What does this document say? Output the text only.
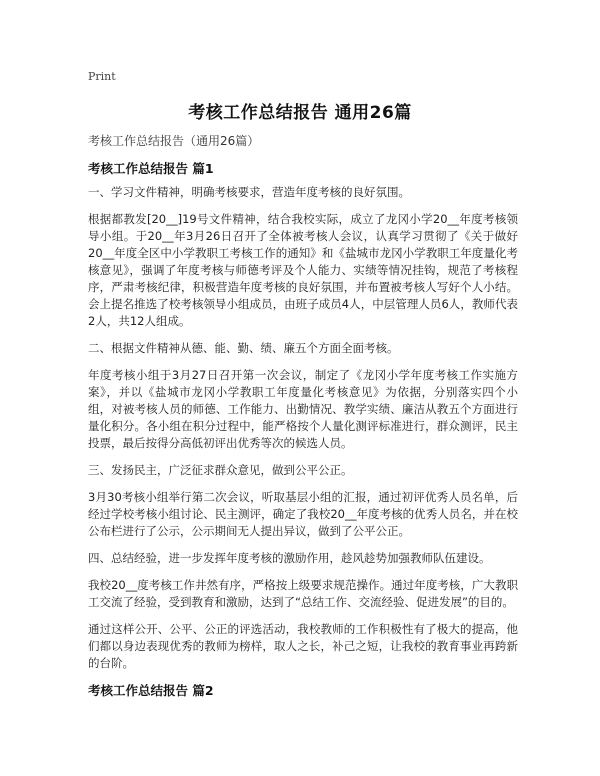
Print
考核工作总结报告 通用26篇
考核工作总结报告（通用26篇）
考核工作总结报告 篇1

一、学习文件精神，明确考核要求，营造年度考核的良好氛围。

根据都教发[20__]19号文件精神，结合我校实际，成立了龙冈小学20__年度考核领导小组。于20__年3月26日召开了全体被考核人会议，认真学习贯彻了《关于做好20__年度全区中小学教职工考核工作的通知》和《盐城市龙冈小学教职工年度量化考核意见》，强调了年度考核与师德考评及个人能力、实绩等情况挂钩，规范了考核程序，严肃考核纪律，积极营造年度考核的良好氛围，并布置被考核人写好个人小结。会上提名推选了校考核领导小组成员，由班子成员4人，中层管理人员6人，教师代表2人，共12人组成。

二、根据文件精神从德、能、勤、绩、廉五个方面全面考核。

年度考核小组于3月27日召开第一次会议，制定了《龙冈小学年度考核工作实施方案》，并以《盐城市龙冈小学教职工年度量化考核意见》为依据，分别落实四个小组，对被考核人员的师德、工作能力、出勤情况、教学实绩、廉洁从教五个方面进行量化积分。各小组在积分过程中，能严格按个人量化测评标准进行，群众测评，民主投票，最后按得分高低初评出优秀等次的候选人员。

三、发扬民主，广泛征求群众意见，做到公平公正。

3月30考核小组举行第二次会议，听取基层小组的汇报，通过初评优秀人员名单，后经过学校考核小组讨论、民主测评，确定了我校20__年度考核的优秀人员名，并在校公布栏进行了公示，公示期间无人提出异议，做到了公平公正。

四、总结经验，进一步发挥年度考核的激励作用，趁风趁势加强教师队伍建设。

我校20__度考核工作井然有序，严格按上级要求规范操作。通过年度考核，广大教职工交流了经验，受到教育和激励，达到了“总结工作、交流经验、促进发展”的目的。

通过这样公开、公平、公正的评选活动，我校教师的工作积极性有了极大的提高，他们都以身边表现优秀的教师为榜样，取人之长，补己之短，让我校的教育事业再跨新的台阶。

考核工作总结报告 篇2
